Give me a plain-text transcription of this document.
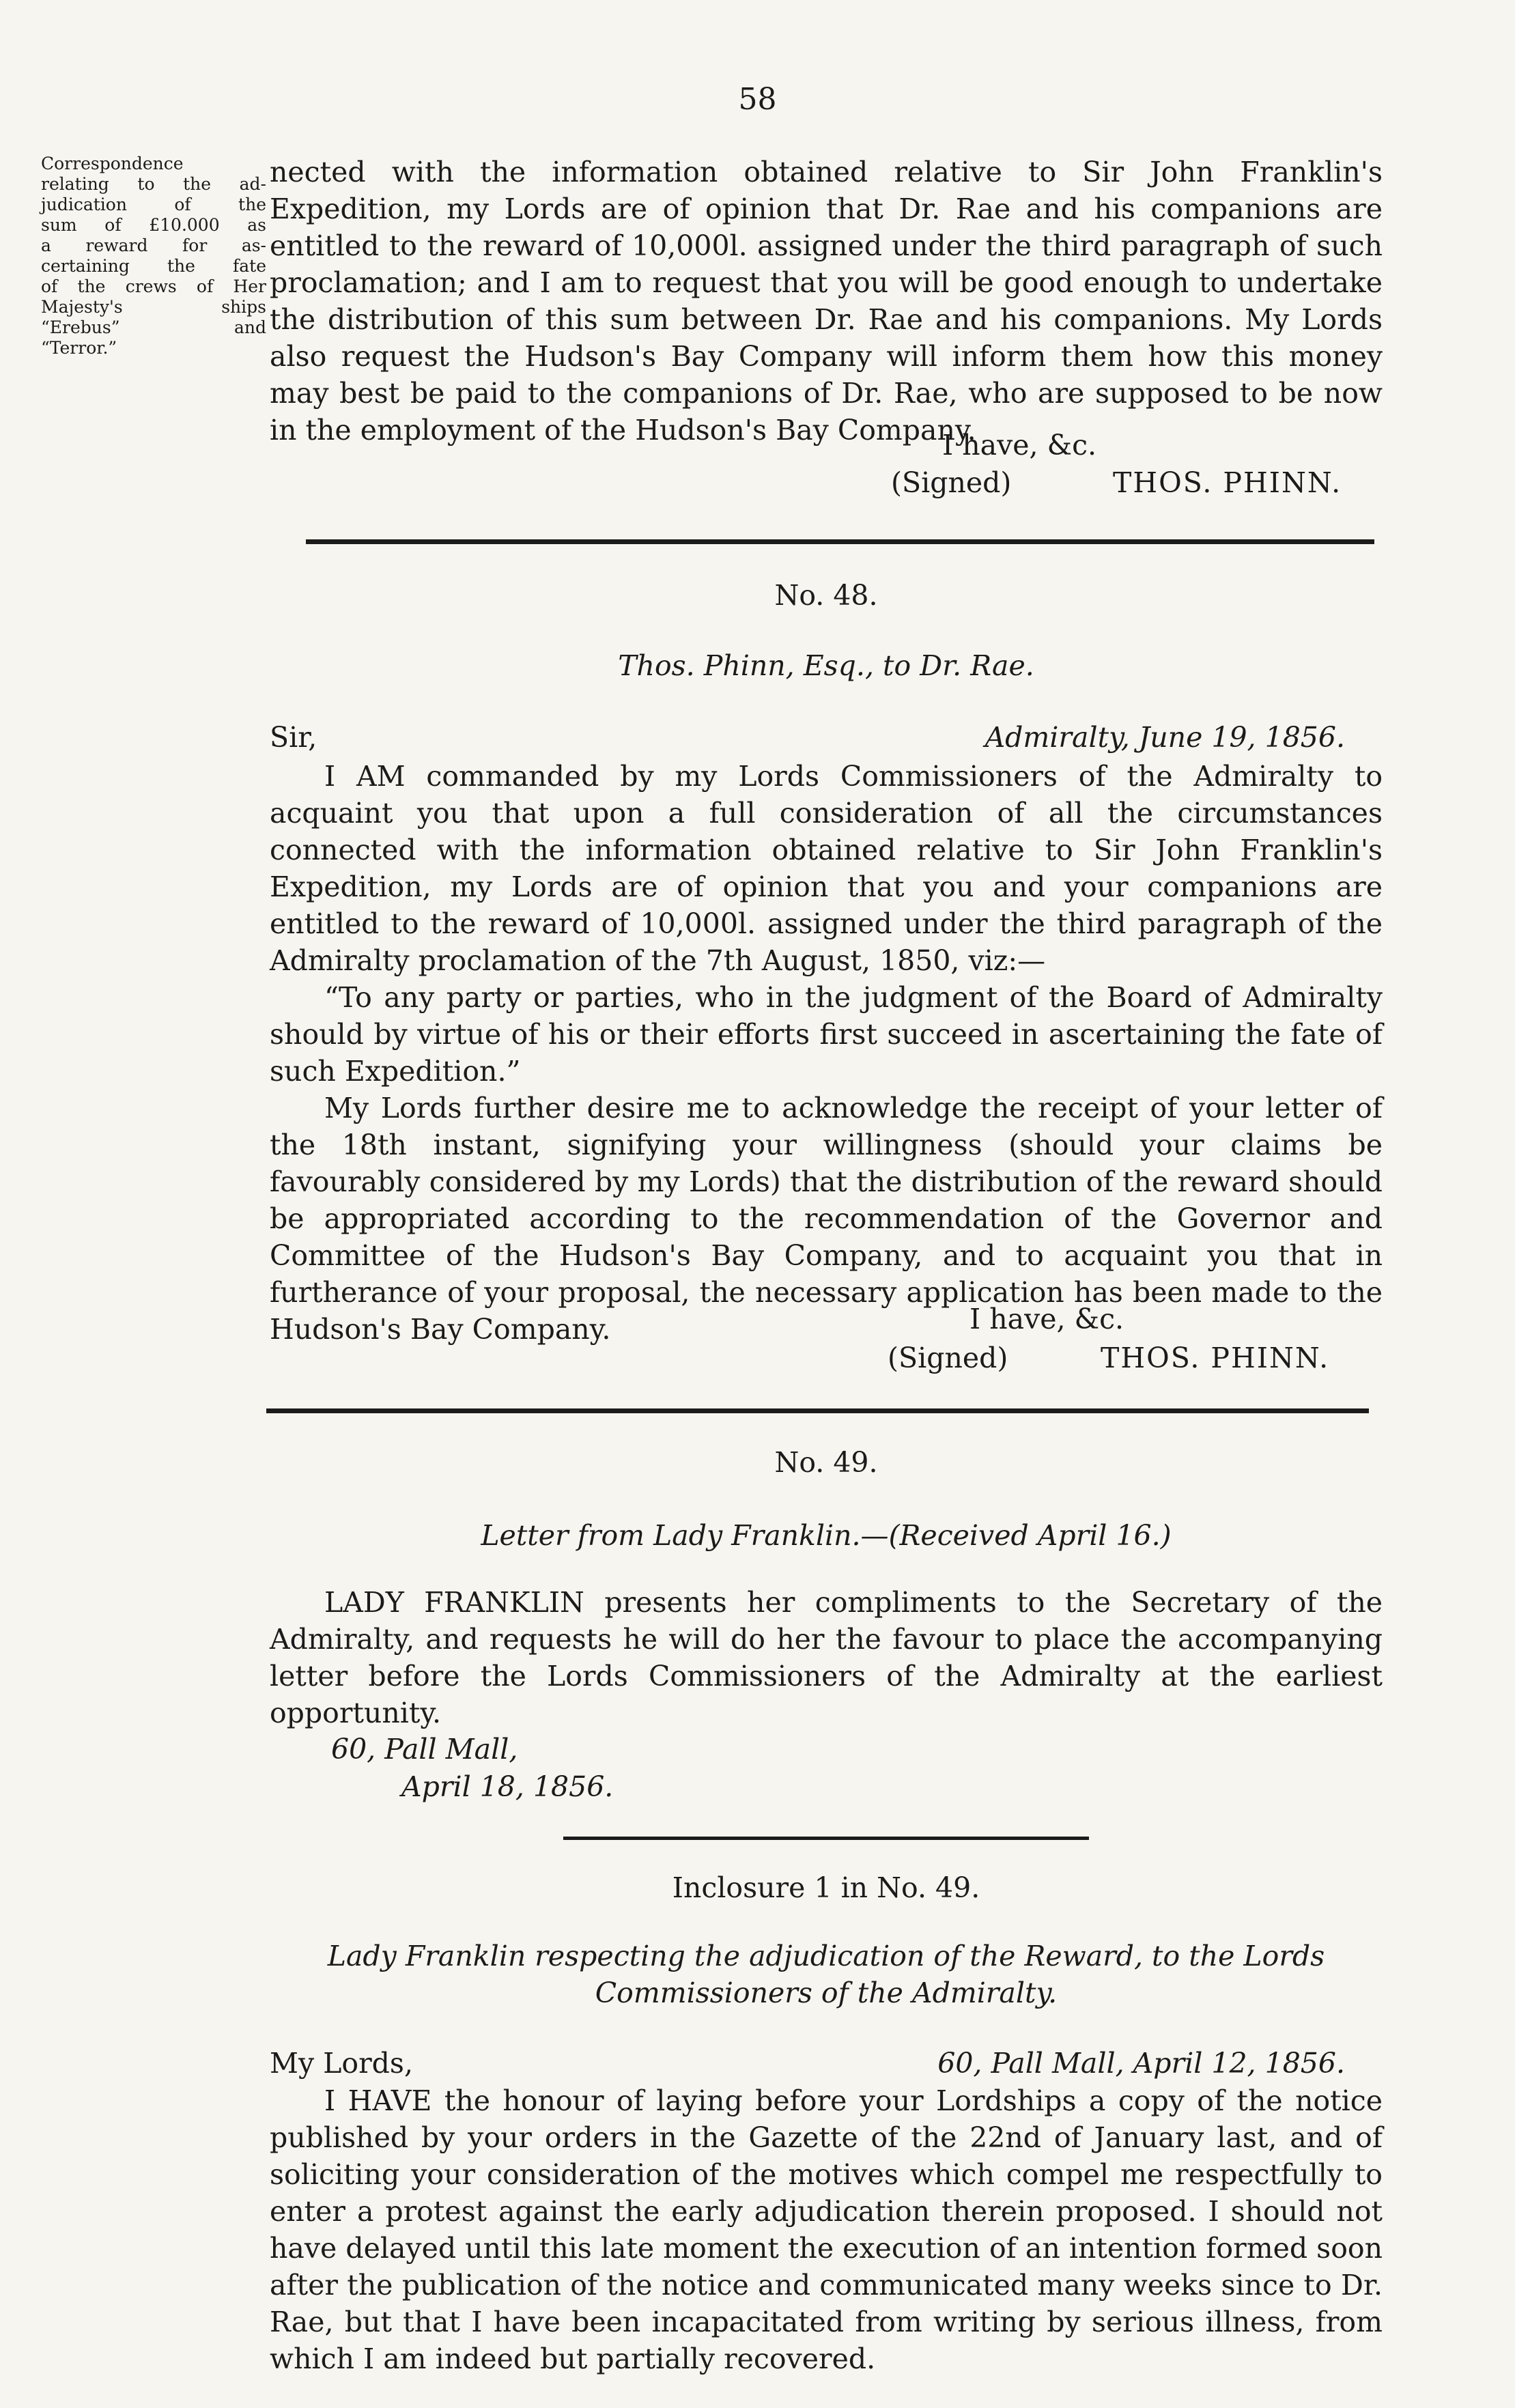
58
Correspondence
relating to the ad-
judication of the
sum of £10.000 as
a reward for as-
certaining the fate
of the crews of Her
Majesty's ships
“Erebus” and
“Terror.”

nected with the information obtained relative to Sir John Franklin's Expedition, my Lords are of opinion that Dr. Rae and his companions are entitled to the reward of 10,000l. assigned under the third paragraph of such proclamation; and I am to request that you will be good enough to undertake the distribution of this sum between Dr. Rae and his companions. My Lords also request the Hudson's Bay Company will inform them how this money may best be paid to the companions of Dr. Rae, who are supposed to be now in the employment of the Hudson's Bay Company.

I have, &c.
(Signed)	THOS. PHINN.
No. 48.
Thos. Phinn, Esq., to Dr. Rae.
Sir,	Admiralty, June 19, 1856.

I AM commanded by my Lords Commissioners of the Admiralty to acquaint you that upon a full consideration of all the circumstances connected with the information obtained relative to Sir John Franklin's Expedition, my Lords are of opinion that you and your companions are entitled to the reward of 10,000l. assigned under the third paragraph of the Admiralty proclamation of the 7th August, 1850, viz:—

“To any party or parties, who in the judgment of the Board of Admiralty should by virtue of his or their efforts first succeed in ascertaining the fate of such Expedition.”

My Lords further desire me to acknowledge the receipt of your letter of the 18th instant, signifying your willingness (should your claims be favourably considered by my Lords) that the distribution of the reward should be appropriated according to the recommendation of the Governor and Committee of the Hudson's Bay Company, and to acquaint you that in furtherance of your proposal, the necessary application has been made to the Hudson's Bay Company.	I have, &c.
(Signed)	THOS. PHINN.
No. 49.
Letter from Lady Franklin.—(Received April 16.)

LADY FRANKLIN presents her compliments to the Secretary of the Admiralty, and requests he will do her the favour to place the accompanying letter before the Lords Commissioners of the Admiralty at the earliest opportunity.

60, Pall Mall,
April 18, 1856.
Inclosure 1 in No. 49.
Lady Franklin respecting the adjudication of the Reward, to the Lords
Commissioners of the Admiralty.
My Lords,	60, Pall Mall, April 12, 1856.

I HAVE the honour of laying before your Lordships a copy of the notice published by your orders in the Gazette of the 22nd of January last, and of soliciting your consideration of the motives which compel me respectfully to enter a protest against the early adjudication therein proposed. I should not have delayed until this late moment the execution of an intention formed soon after the publication of the notice and communicated many weeks since to Dr. Rae, but that I have been incapacitated from writing by serious illness, from which I am indeed but partially recovered.
